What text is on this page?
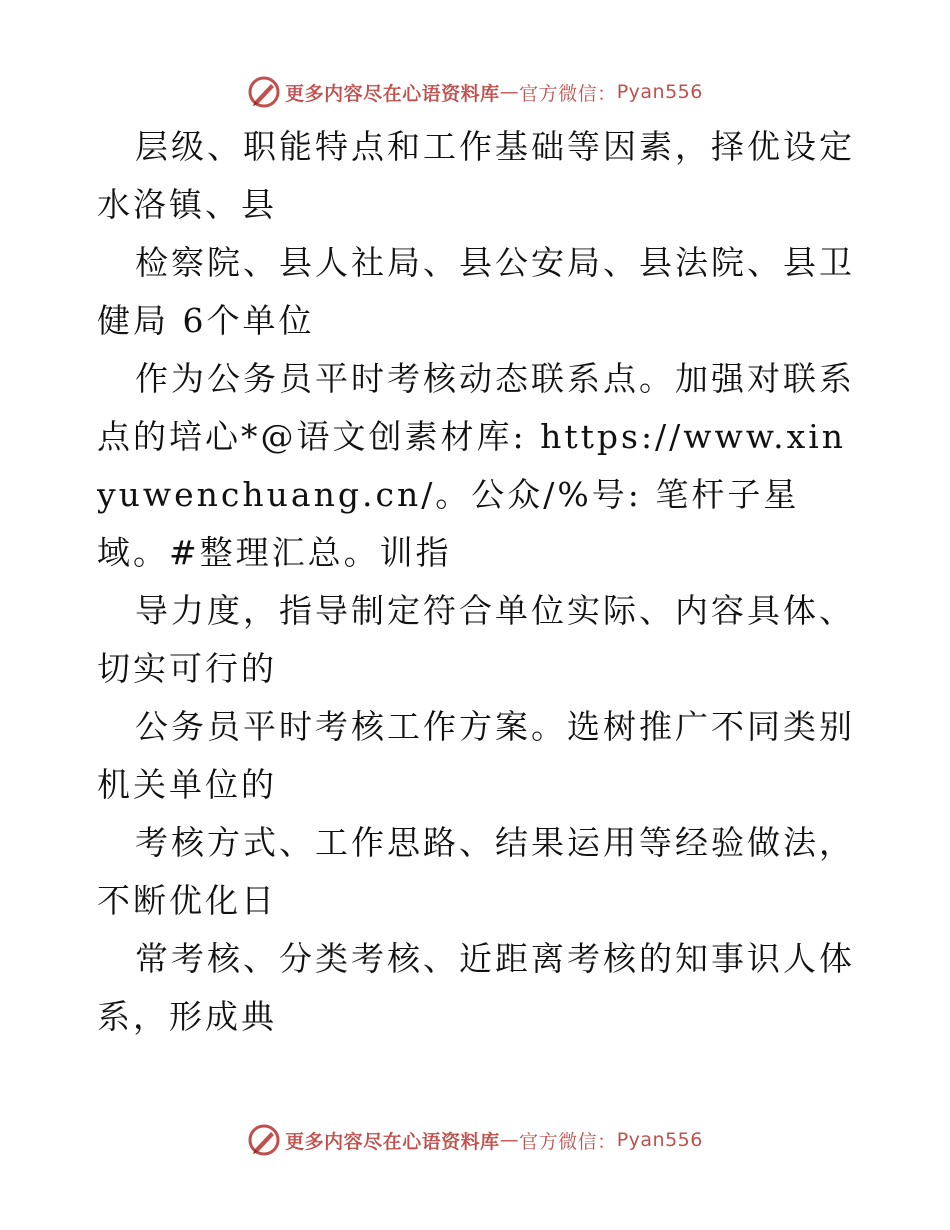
更多内容尽在心语资料库 — 官方微信： Pyan556

层级、职能特点和工作基础等因素，择优设定水洛镇、县

检察院、县人社局、县公安局、县法院、县卫健局 6个单位

作为公务员平时考核动态联系点。加强对联系点的培心*@语文创素材库: https://www.xinyuwenchuang.cn/。公众/%号: 笔杆子星域。#整理汇总。训指

导力度，指导制定符合单位实际、内容具体、切实可行的

公务员平时考核工作方案。选树推广不同类别机关单位的

考核方式、工作思路、结果运用等经验做法，不断优化日

常考核、分类考核、近距离考核的知事识人体系，形成典

更多内容尽在心语资料库 — 官方微信： Pyan556
